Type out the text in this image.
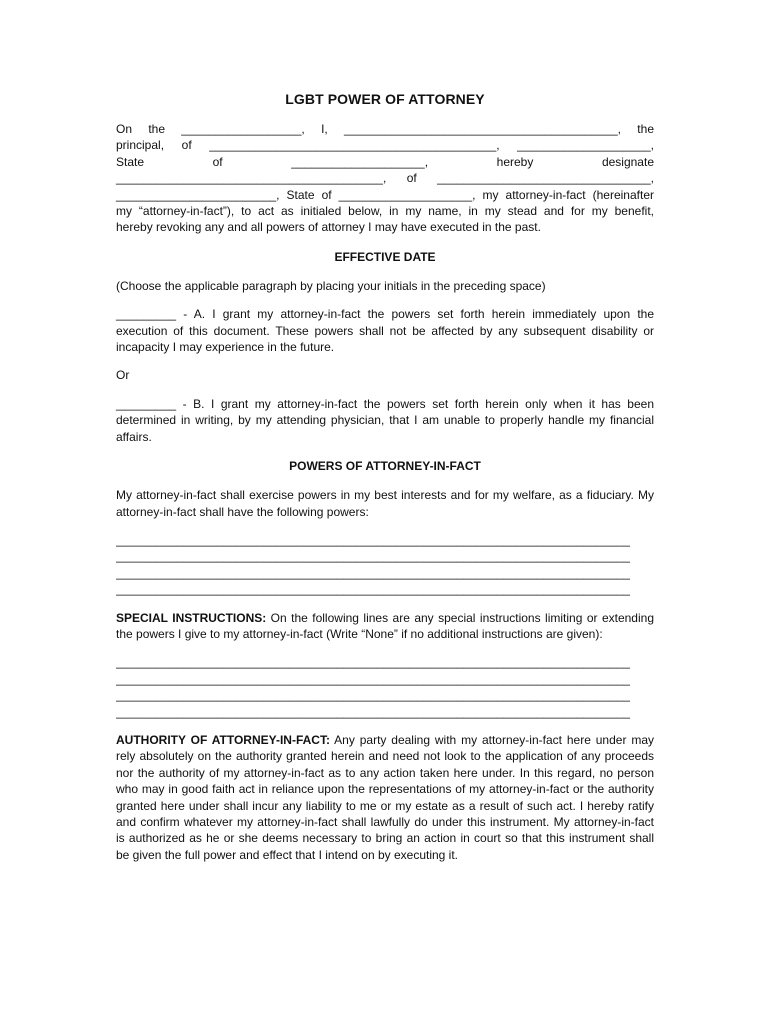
LGBT POWER OF ATTORNEY
On the __________________, I, _________________________________________, the
principal, of ___________________________________________, ____________________,
State of ____________________, hereby designate
________________________________________, of ________________________________,
________________________, State of ____________________, my attorney-in-fact (hereinafter
my “attorney-in-fact”), to act as initialed below, in my name, in my stead and for my benefit,
hereby revoking any and all powers of attorney I may have executed in the past.
EFFECTIVE DATE

(Choose the applicable paragraph by placing your initials in the preceding space)

_________ - A. I grant my attorney-in-fact the powers set forth herein immediately upon the execution of this document. These powers shall not be affected by any subsequent disability or incapacity I may experience in the future.

Or

_________ - B. I grant my attorney-in-fact the powers set forth herein only when it has been determined in writing, by my attending physician, that I am unable to properly handle my financial affairs.

POWERS OF ATTORNEY-IN-FACT

My attorney-in-fact shall exercise powers in my best interests and for my welfare, as a fiduciary. My attorney-in-fact shall have the following powers:

_____________________________________________________________________________
_____________________________________________________________________________
_____________________________________________________________________________
_____________________________________________________________________________

SPECIAL INSTRUCTIONS: On the following lines are any special instructions limiting or extending the powers I give to my attorney-in-fact (Write “None” if no additional instructions are given):

_____________________________________________________________________________
_____________________________________________________________________________
_____________________________________________________________________________
_____________________________________________________________________________

AUTHORITY OF ATTORNEY-IN-FACT: Any party dealing with my attorney-in-fact here under may rely absolutely on the authority granted herein and need not look to the application of any proceeds nor the authority of my attorney-in-fact as to any action taken here under. In this regard, no person who may in good faith act in reliance upon the representations of my attorney-in-fact or the authority granted here under shall incur any liability to me or my estate as a result of such act. I hereby ratify and confirm whatever my attorney-in-fact shall lawfully do under this instrument. My attorney-in-fact is authorized as he or she deems necessary to bring an action in court so that this instrument shall be given the full power and effect that I intend on by executing it.
